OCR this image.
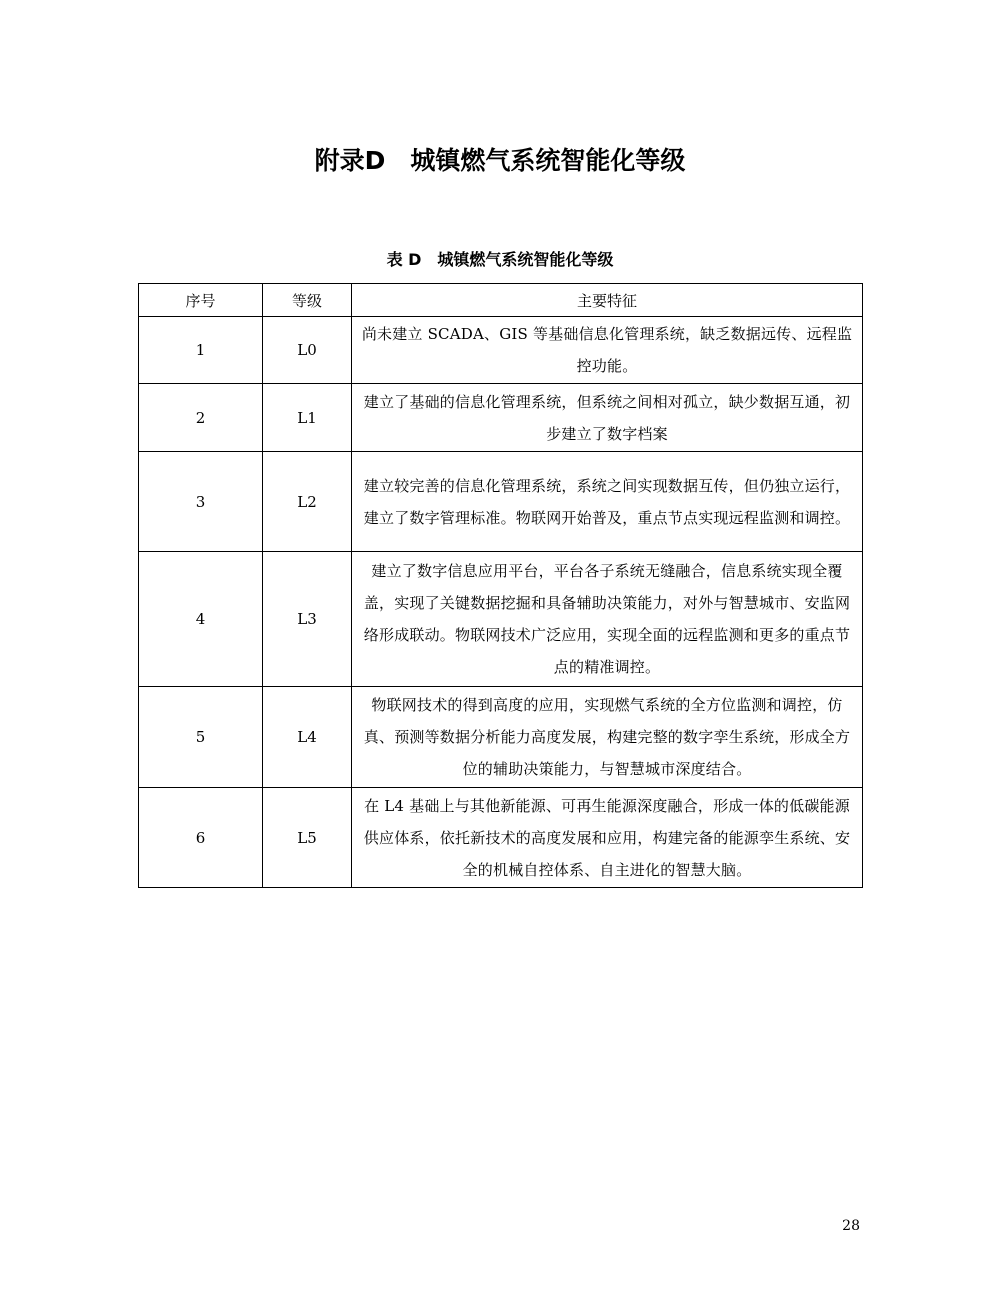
附录D　城镇燃气系统智能化等级
表 D　城镇燃气系统智能化等级
序号	等级	主要特征
1	L0	尚未建立 SCADA、GIS 等基础信息化管理系统，缺乏数据远传、远程监控功能。
2	L1	建立了基础的信息化管理系统，但系统之间相对孤立，缺少数据互通，初步建立了数字档案
3	L2	建立较完善的信息化管理系统，系统之间实现数据互传，但仍独立运行，建立了数字管理标准。物联网开始普及，重点节点实现远程监测和调控。
4	L3	建立了数字信息应用平台，平台各子系统无缝融合，信息系统实现全覆盖，实现了关键数据挖掘和具备辅助决策能力，对外与智慧城市、安监网络形成联动。物联网技术广泛应用，实现全面的远程监测和更多的重点节点的精准调控。
5	L4	物联网技术的得到高度的应用，实现燃气系统的全方位监测和调控，仿真、预测等数据分析能力高度发展，构建完整的数字孪生系统，形成全方位的辅助决策能力，与智慧城市深度结合。
6	L5	在 L4 基础上与其他新能源、可再生能源深度融合，形成一体的低碳能源供应体系，依托新技术的高度发展和应用，构建完备的能源孪生系统、安全的机械自控体系、自主进化的智慧大脑。
28
